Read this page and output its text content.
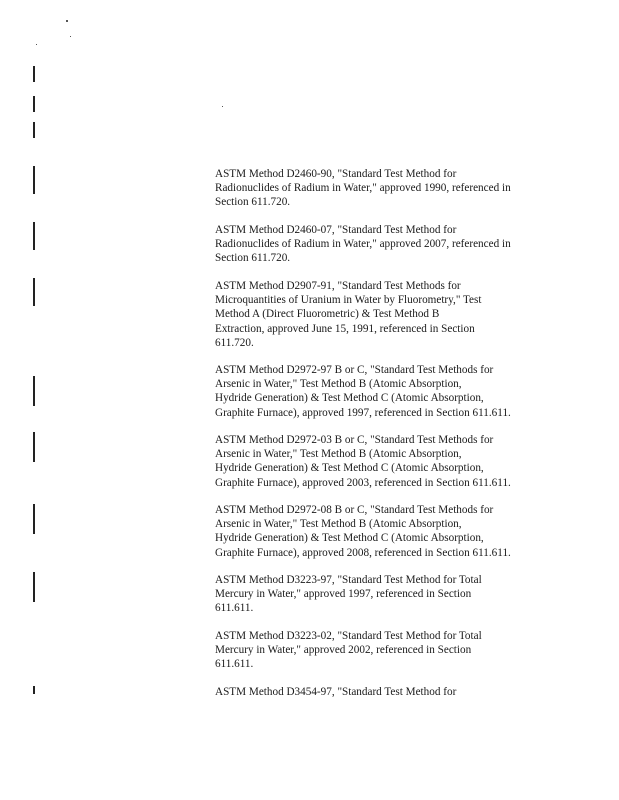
ASTM Method D2460-90, "Standard Test Method for
Radionuclides of Radium in Water," approved 1990, referenced in
Section 611.720.
ASTM Method D2460-07, "Standard Test Method for
Radionuclides of Radium in Water," approved 2007, referenced in
Section 611.720.
ASTM Method D2907-91, "Standard Test Methods for
Microquantities of Uranium in Water by Fluorometry," Test
Method A (Direct Fluorometric) & Test Method B
Extraction, approved June 15, 1991, referenced in Section
611.720.
ASTM Method D2972-97 B or C, "Standard Test Methods for
Arsenic in Water," Test Method B (Atomic Absorption,
Hydride Generation) & Test Method C (Atomic Absorption,
Graphite Furnace), approved 1997, referenced in Section 611.611.
ASTM Method D2972-03 B or C, "Standard Test Methods for
Arsenic in Water," Test Method B (Atomic Absorption,
Hydride Generation) & Test Method C (Atomic Absorption,
Graphite Furnace), approved 2003, referenced in Section 611.611.
ASTM Method D2972-08 B or C, "Standard Test Methods for
Arsenic in Water," Test Method B (Atomic Absorption,
Hydride Generation) & Test Method C (Atomic Absorption,
Graphite Furnace), approved 2008, referenced in Section 611.611.
ASTM Method D3223-97, "Standard Test Method for Total
Mercury in Water," approved 1997, referenced in Section
611.611.
ASTM Method D3223-02, "Standard Test Method for Total
Mercury in Water," approved 2002, referenced in Section
611.611.
ASTM Method D3454-97, "Standard Test Method for
